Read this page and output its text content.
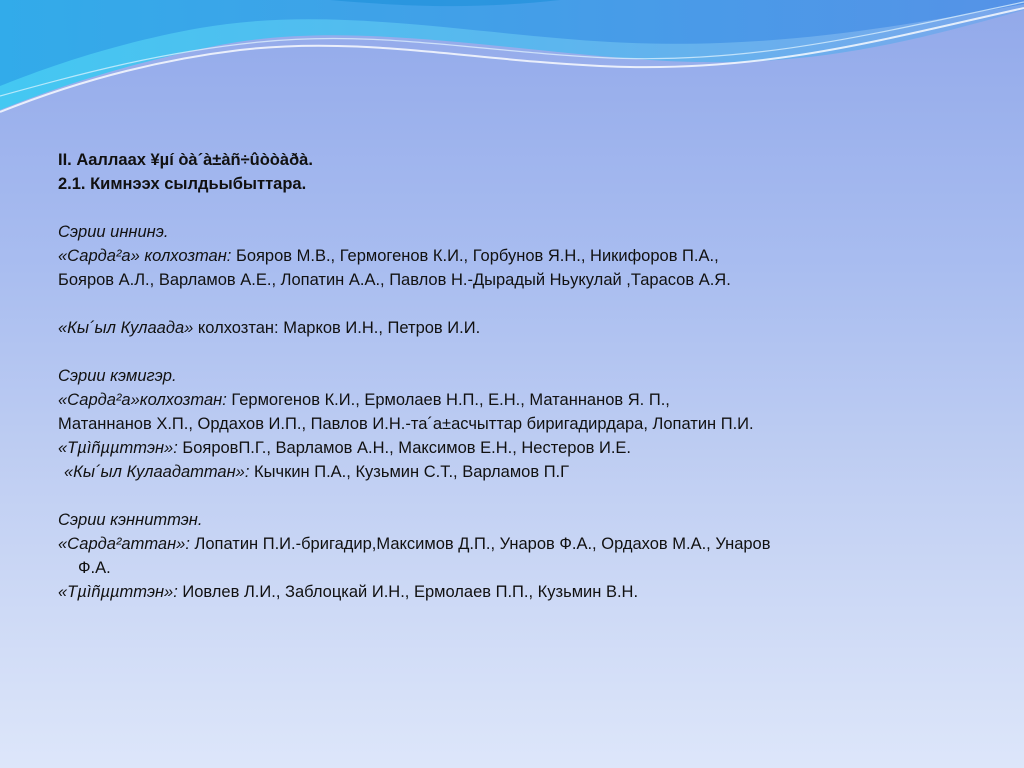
II. Аaллаах ¥µí òà´à±àñ÷ûòòàðà.
2.1. Кимнээх сылдьыбыттара.
Сэрии иннинэ.
«Сарда²а» колхозтан: Бояров М.В., Гермогенов К.И., Горбунов Я.Н., Никифоров П.А.,
Бояров А.Л., Варламов А.Е., Лопатин А.А., Павлов Н.-Дырадый Ньукулай ,Тарасов А.Я.
«Кы´ыл Кулаада» колхозтан: Марков И.Н., Петров И.И.
Сэрии кэмигэр.
«Сарда²а»колхозтан: Гермогенов К.И., Ермолаев Н.П., Е.Н., Матаннанов Я. П.,
Матаннанов Х.П., Ордахов И.П., Павлов И.Н.-та´а±асчыттар биригадирдара, Лопатин П.И.
«Тµìñµµттэн»: БояровП.Г., Варламов А.Н., Максимов Е.Н., Нестеров И.Е.
«Кы´ыл Кулаадаттан»: Кычкин П.А., Кузьмин С.Т., Варламов П.Г
Сэрии кэнниттэн.
«Сарда²аттан»: Лопатин П.И.-бригадир,Максимов Д.П., Унаров Ф.А., Ордахов М.А., Унаров
Ф.А.
«Тµìñµµттэн»: Иовлев Л.И., Заблоцкай И.Н., Ермолаев П.П., Кузьмин В.Н.
